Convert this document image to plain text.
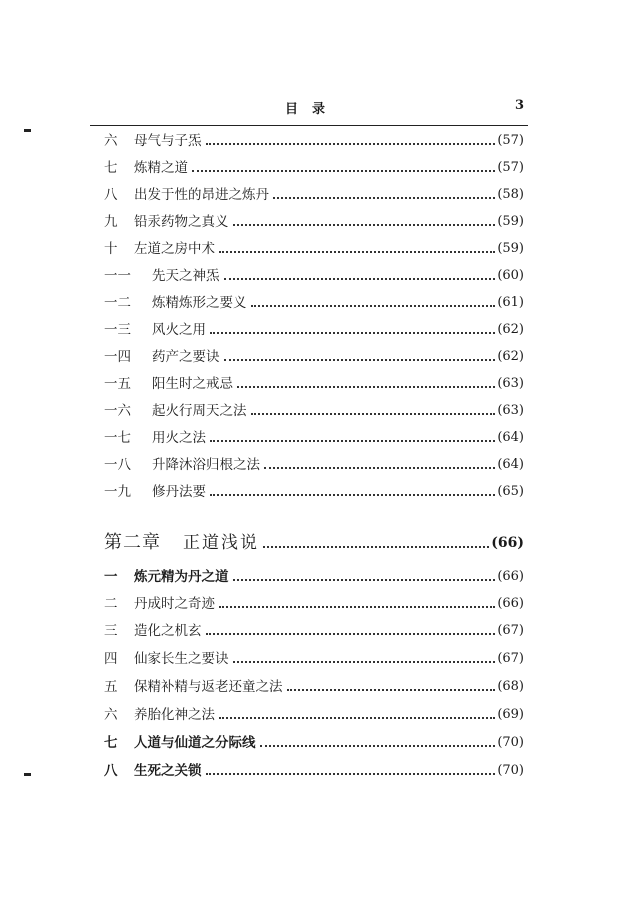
目录	3
六	母气与子炁	(57)
七	炼精之道	(57)
八	出发于性的昂进之炼丹	(58)
九	铅汞药物之真义	(59)
十	左道之房中术	(59)
一一	先天之神炁	(60)
一二	炼精炼形之要义	(61)
一三	风火之用	(62)
一四	药产之要诀	(62)
一五	阳生时之戒忌	(63)
一六	起火行周天之法	(63)
一七	用火之法	(64)
一八	升降沐浴归根之法	(64)
一九	修丹法要	(65)
第二章	正道浅说	(66)
一	炼元精为丹之道	(66)
二	丹成时之奇迹	(66)
三	造化之机玄	(67)
四	仙家长生之要诀	(67)
五	保精补精与返老还童之法	(68)
六	养胎化神之法	(69)
七	人道与仙道之分际线	(70)
八	生死之关锁	(70)
